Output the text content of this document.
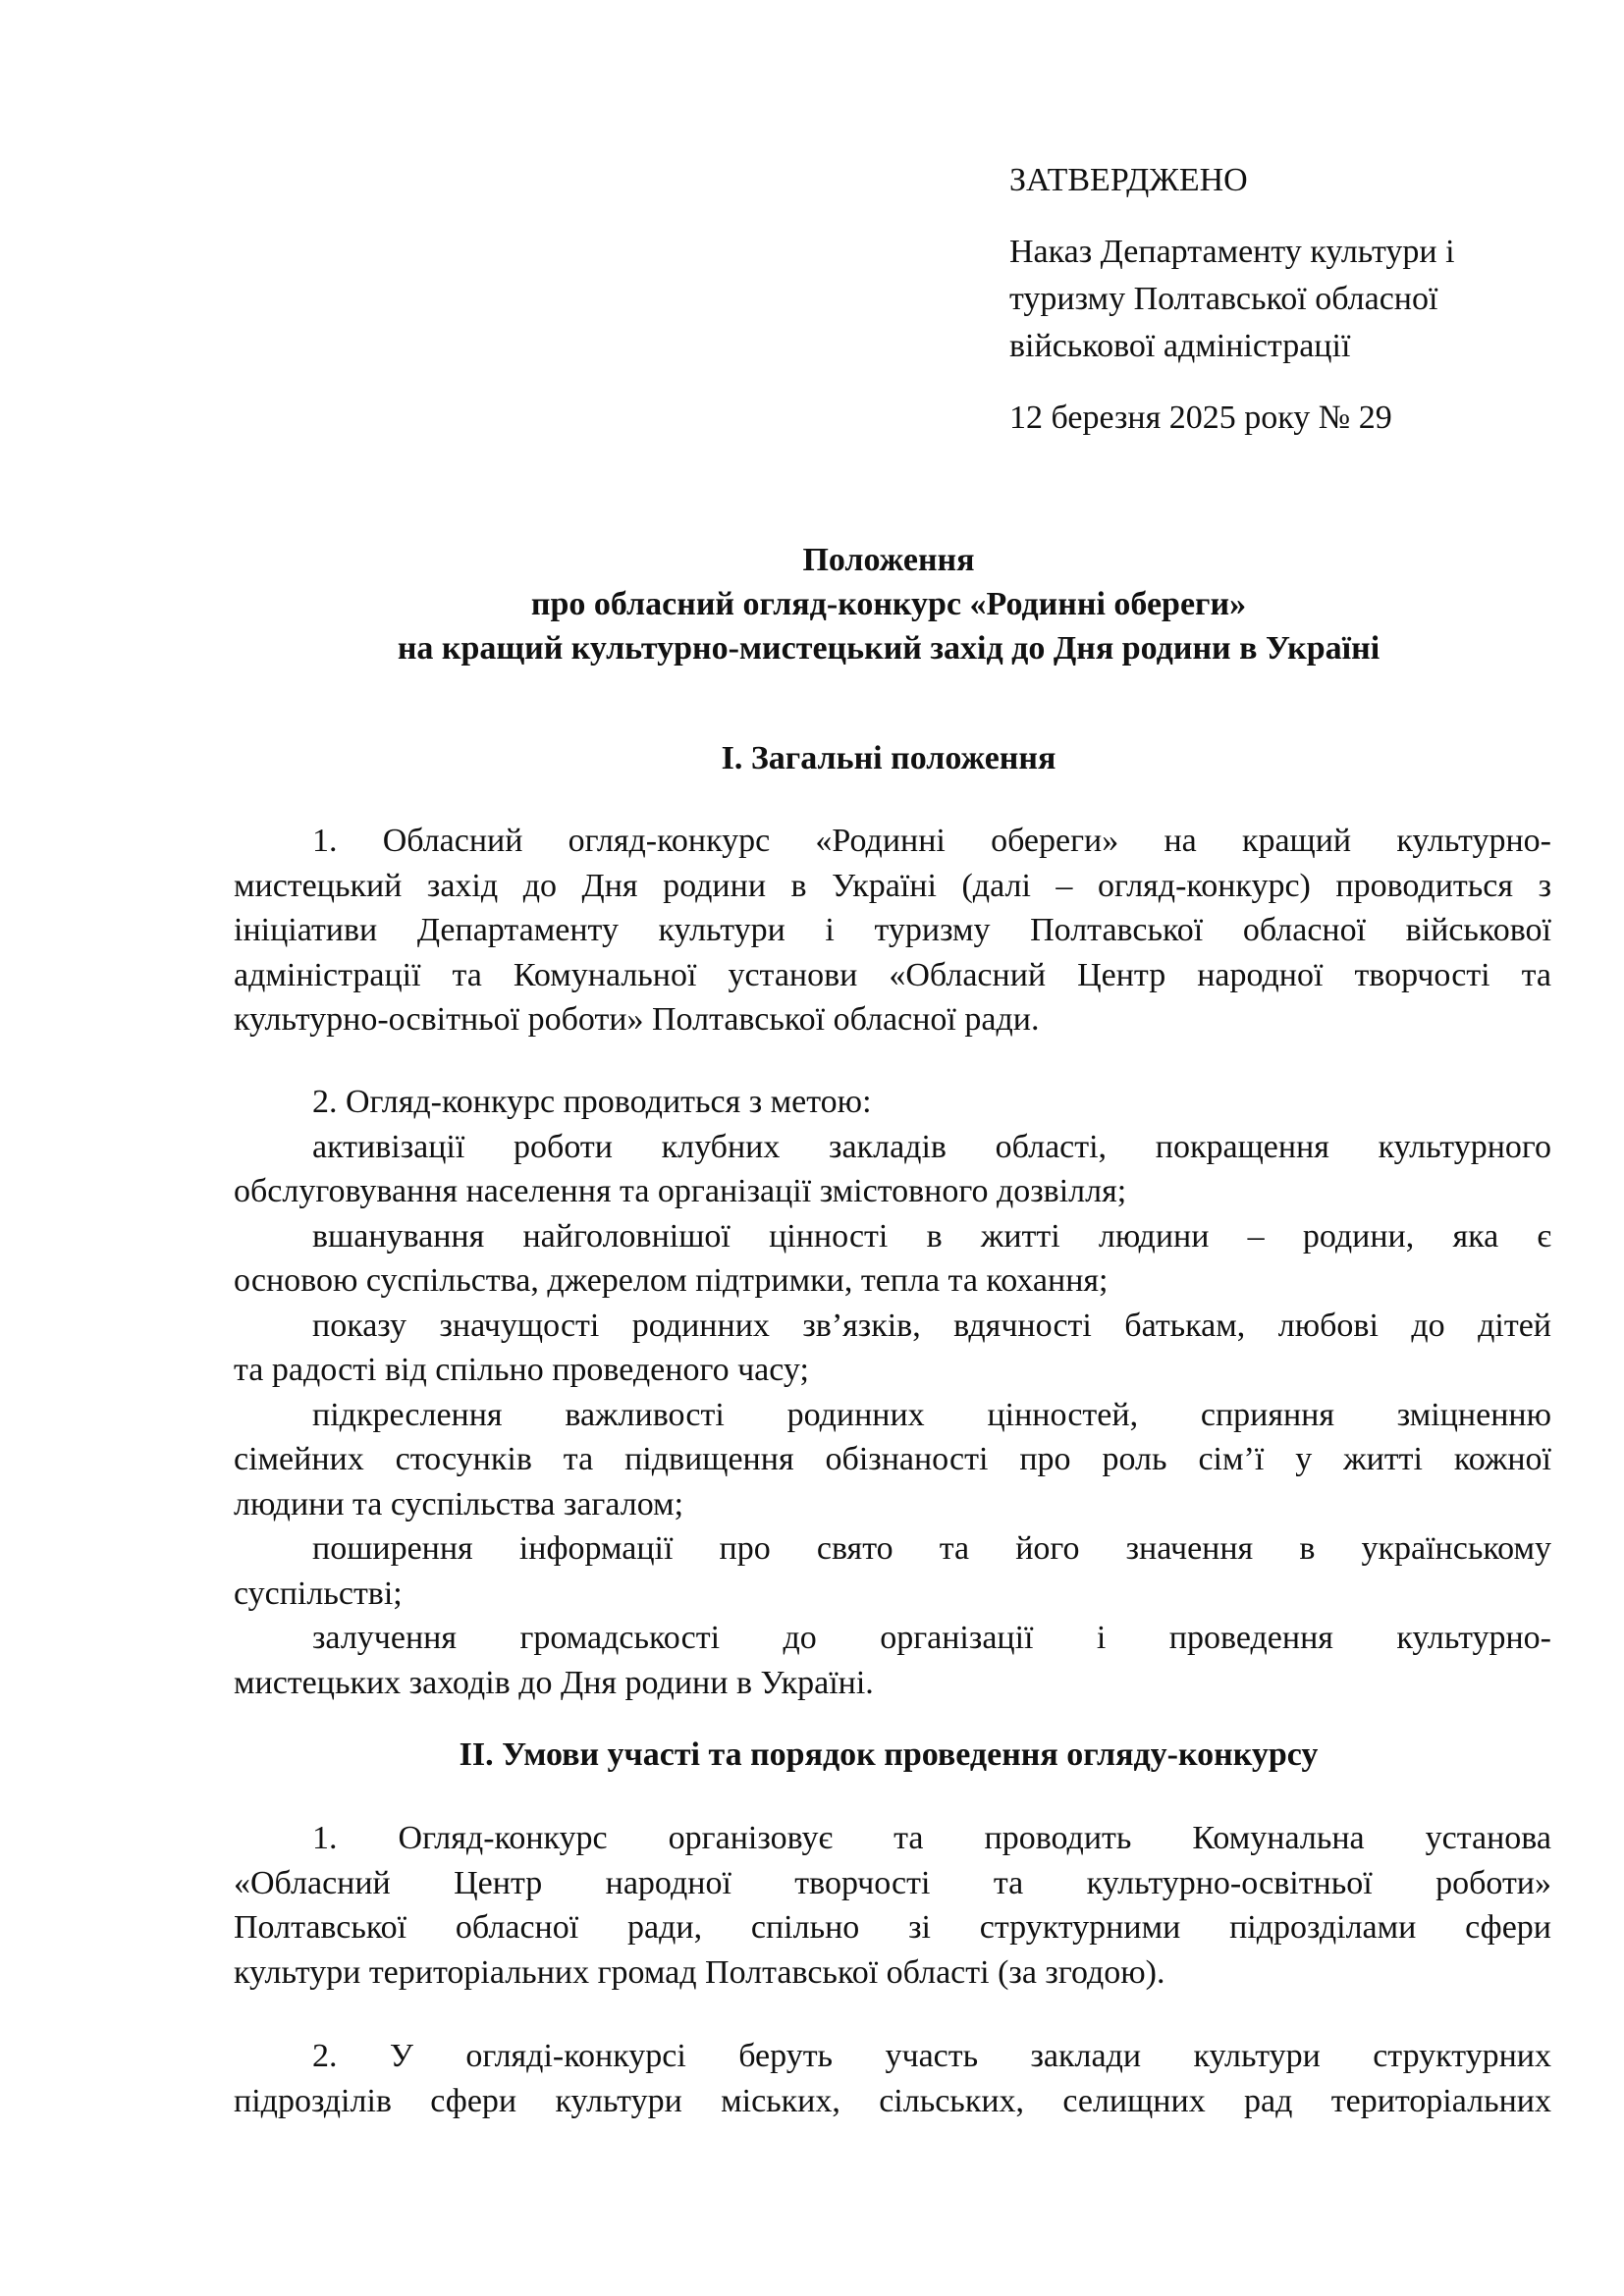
ЗАТВЕРДЖЕНО
Наказ Департаменту культури і
туризму Полтавської обласної
військової адміністрації
12 березня 2025 року № 29
Положення
про обласний огляд-конкурс «Родинні обереги»
на кращий культурно-мистецький захід до Дня родини в Україні
I. Загальні положення
1. Обласний огляд-конкурс «Родинні обереги» на кращий культурно-
мистецький захід до Дня родини в Україні (далі – огляд-конкурс) проводиться з
ініціативи Департаменту культури і туризму Полтавської обласної військової
адміністрації та Комунальної установи «Обласний Центр народної творчості та
культурно-освітньої роботи» Полтавської обласної ради.
2. Огляд-конкурс проводиться з метою:
активізації роботи клубних закладів області, покращення культурного
обслуговування населення та організації змістовного дозвілля;
вшанування найголовнішої цінності в житті людини – родини, яка є
основою суспільства, джерелом підтримки, тепла та кохання;
показу значущості родинних зв’язків, вдячності батькам, любові до дітей
та радості від спільно проведеного часу;
підкреслення важливості родинних цінностей, сприяння зміцненню
сімейних стосунків та підвищення обізнаності про роль сім’ї у житті кожної
людини та суспільства загалом;
поширення інформації про свято та його значення в українському
суспільстві;
залучення громадськості до організації і проведення культурно-
мистецьких заходів до Дня родини в Україні.
II. Умови участі та порядок проведення огляду-конкурсу
1. Огляд-конкурс організовує та проводить Комунальна установа
«Обласний Центр народної творчості та культурно-освітньої роботи»
Полтавської обласної ради, спільно зі структурними підрозділами сфери
культури територіальних громад Полтавської області (за згодою).
2. У огляді-конкурсі беруть участь заклади культури структурних
підрозділів сфери культури міських, сільських, селищних рад територіальних
